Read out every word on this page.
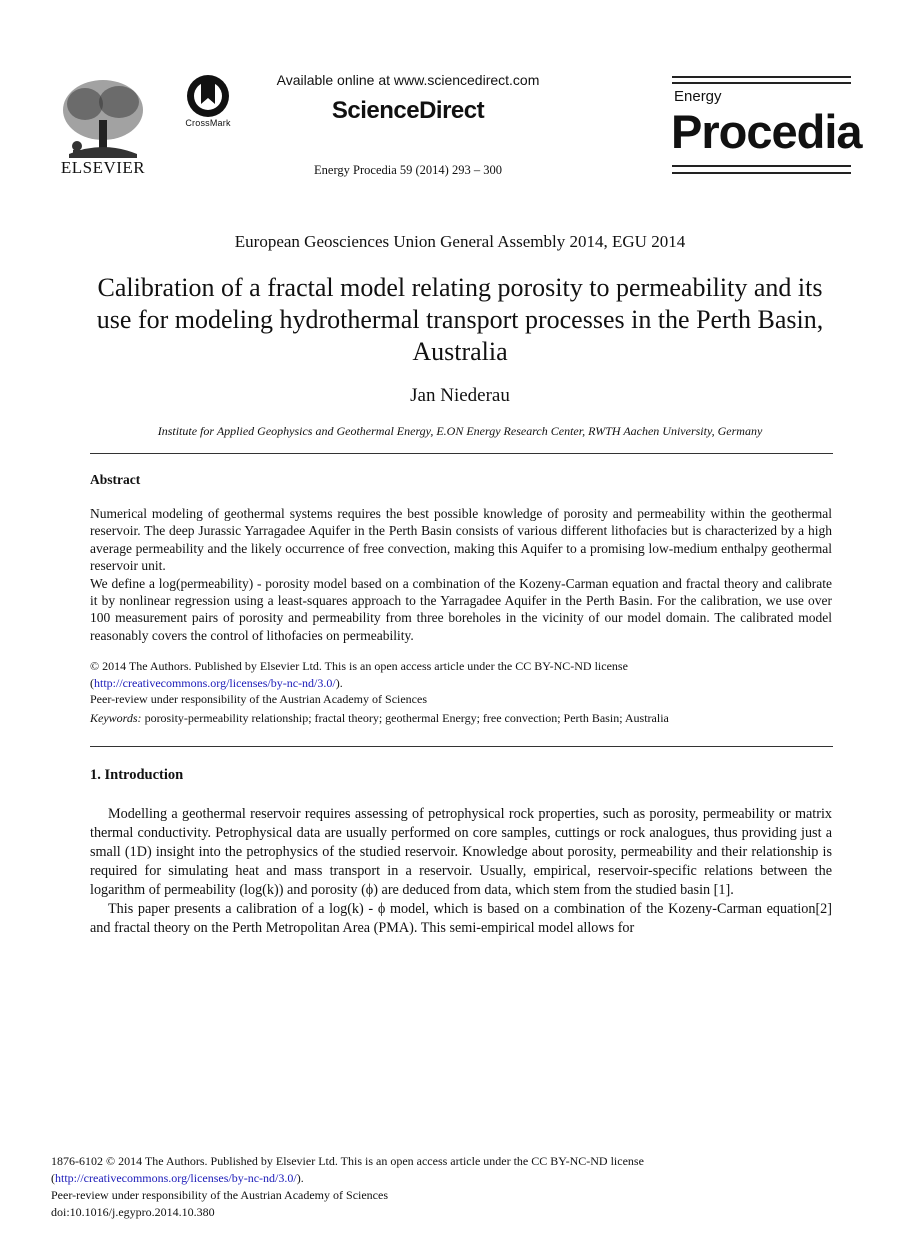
ELSEVIER
CrossMark
Available online at www.sciencedirect.com
ScienceDirect
Energy Procedia 59 (2014) 293 – 300
Energy
Procedia
European Geosciences Union General Assembly 2014, EGU 2014
Calibration of a fractal model relating porosity to permeability and its use for modeling hydrothermal transport processes in the Perth Basin, Australia
Jan Niederau
Institute for Applied Geophysics and Geothermal Energy, E.ON Energy Research Center, RWTH Aachen University, Germany
Abstract

Numerical modeling of geothermal systems requires the best possible knowledge of porosity and permeability within the geothermal reservoir. The deep Jurassic Yarragadee Aquifer in the Perth Basin consists of various different lithofacies but is characterized by a high average permeability and the likely occurrence of free convection, making this Aquifer to a promising low-medium enthalpy geothermal reservoir unit.

We define a log(permeability) - porosity model based on a combination of the Kozeny-Carman equation and fractal theory and calibrate it by nonlinear regression using a least-squares approach to the Yarragadee Aquifer in the Perth Basin. For the calibration, we use over 100 measurement pairs of porosity and permeability from three boreholes in the vicinity of our model domain. The calibrated model reasonably covers the control of lithofacies on permeability.

© 2014 The Authors. Published by Elsevier Ltd. This is an open access article under the CC BY-NC-ND license
(http://creativecommons.org/licenses/by-nc-nd/3.0/).
Peer-review under responsibility of the Austrian Academy of Sciences
Keywords: porosity-permeability relationship; fractal theory; geothermal Energy; free convection; Perth Basin; Australia
1. Introduction

Modelling a geothermal reservoir requires assessing of petrophysical rock properties, such as porosity, permeability or matrix thermal conductivity. Petrophysical data are usually performed on core samples, cuttings or rock analogues, thus providing just a small (1D) insight into the petrophysics of the studied reservoir. Knowledge about porosity, permeability and their relationship is required for simulating heat and mass transport in a reservoir. Usually, empirical, reservoir-specific relations between the logarithm of permeability (log(k)) and porosity (ϕ) are deduced from data, which stem from the studied basin [1].

This paper presents a calibration of a log(k) - ϕ model, which is based on a combination of the Kozeny-Carman equation[2] and fractal theory on the Perth Metropolitan Area (PMA). This semi-empirical model allows for

1876-6102 © 2014 The Authors. Published by Elsevier Ltd. This is an open access article under the CC BY-NC-ND license
(http://creativecommons.org/licenses/by-nc-nd/3.0/).
Peer-review under responsibility of the Austrian Academy of Sciences
doi:10.1016/j.egypro.2014.10.380
